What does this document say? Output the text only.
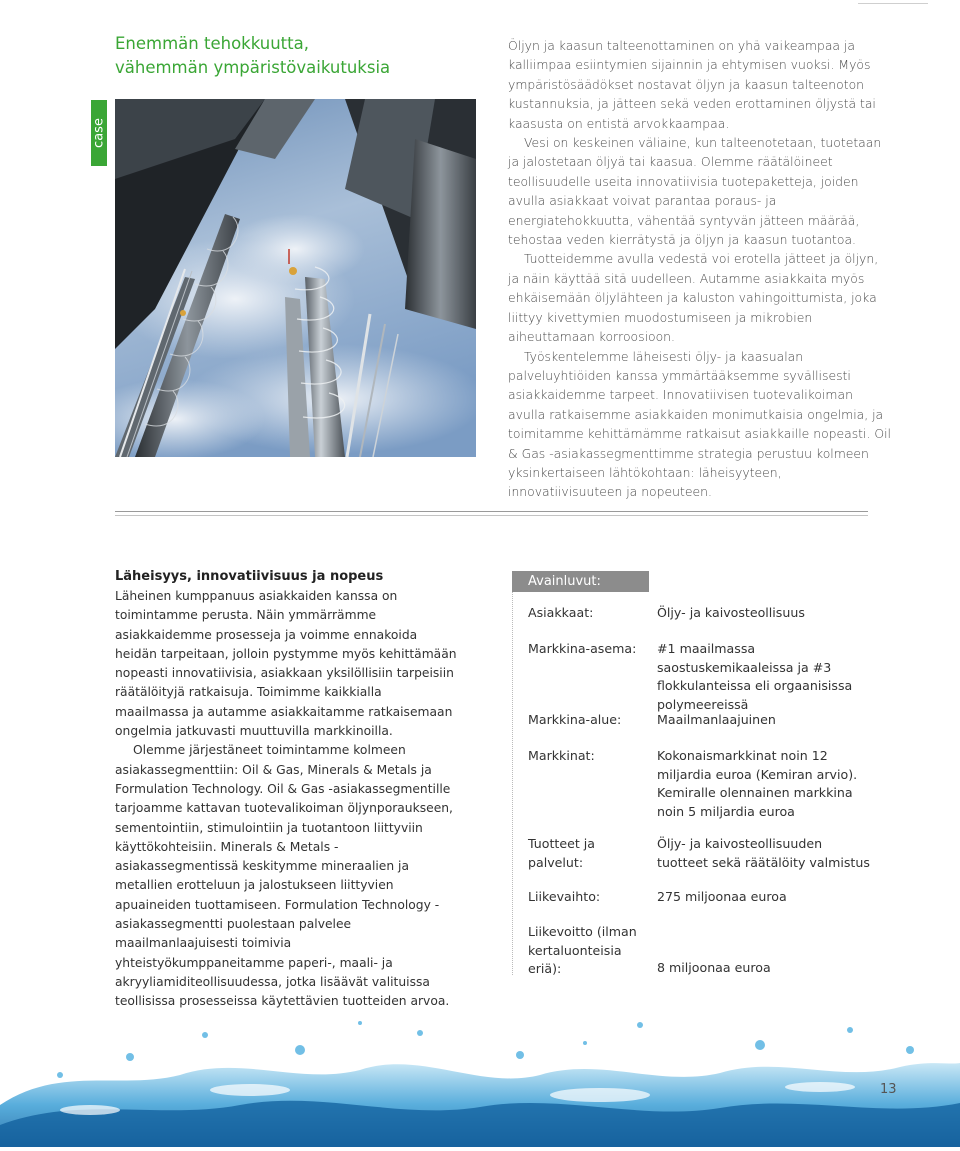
case
Enemmän tehokkuutta,
vähemmän ympäristövaikutuksia

Öljyn ja kaasun talteenottaminen on yhä vaikeampaa ja kalliimpaa esiintymien sijainnin ja ehtymisen vuoksi. Myös ympäristösäädökset nostavat öljyn ja kaasun talteenoton kustannuksia, ja jätteen sekä veden erottaminen öljystä tai kaasusta on entistä arvokkaampaa.

Vesi on keskeinen väliaine, kun talteenotetaan, tuotetaan ja jalostetaan öljyä tai kaasua. Olemme räätälöineet teollisuudelle useita innovatiivisia tuotepaketteja, joiden avulla asiakkaat voivat parantaa poraus- ja energiatehokkuutta, vähentää syntyvän jätteen määrää, tehostaa veden kierrätystä ja öljyn ja kaasun tuotantoa.

Tuotteidemme avulla vedestä voi erotella jätteet ja öljyn, ja näin käyttää sitä uudelleen. Autamme asiakkaita myös ehkäisemään öljylähteen ja kaluston vahingoittumista, joka liittyy kivettymien muodostumiseen ja mikrobien aiheuttamaan korroosioon.

Työskentelemme läheisesti öljy- ja kaasualan palveluyhtiöiden kanssa ymmärtääksemme syvällisesti asiakkaidemme tarpeet. Innovatiivisen tuotevalikoiman avulla ratkaisemme asiakkaiden monimutkaisia ongelmia, ja toimitamme kehittämämme ratkaisut asiakkaille nopeasti. Oil & Gas -asiakassegmenttimme strategia perustuu kolmeen yksinkertaiseen lähtökohtaan: läheisyyteen, innovatiivisuuteen ja nopeuteen.

Läheisyys, innovatiivisuus ja nopeus

Läheinen kumppanuus asiakkaiden kanssa on toimintamme perusta. Näin ymmärrämme asiakkaidemme prosesseja ja voimme ennakoida heidän tarpeitaan, jolloin pystymme myös kehittämään nopeasti innovatiivisia, asiakkaan yksilöllisiin tarpeisiin räätälöityjä ratkaisuja. Toimimme kaikkialla maailmassa ja autamme asiakkaitamme ratkaisemaan ongelmia jatkuvasti muuttuvilla markkinoilla.

Olemme järjestäneet toimintamme kolmeen asiakassegmenttiin: Oil & Gas, Minerals & Metals ja Formulation Technology. Oil & Gas -asiakassegmentille tarjoamme kattavan tuotevalikoiman öljynporaukseen, sementointiin, stimulointiin ja tuotantoon liittyviin käyttökohteisiin. Minerals & Metals -asiakassegmentissä keskitymme mineraalien ja metallien erotteluun ja jalostukseen liittyvien apuaineiden tuottamiseen. Formulation Technology -asiakassegmentti puolestaan palvelee maailmanlaajuisesti toimivia yhteistyökumppaneitamme paperi-, maali- ja akryyliamiditeollisuudessa, jotka lisäävät valituissa teollisissa prosesseissa käytettävien tuotteiden arvoa.

Avainluvut:
Asiakkaat:	Öljy- ja kaivosteollisuus
Markkina-asema:	#1 maailmassa saostuskemikaaleissa ja #3 flokkulanteissa eli orgaanisissa polymeereissä
Markkina-alue:	Maailmanlaajuinen
Markkinat:	Kokonaismarkkinat noin 12 miljardia euroa (Kemiran arvio). Kemiralle olennainen markkina noin 5 miljardia euroa
Tuotteet ja palvelut:
Öljy- ja kaivosteollisuuden tuotteet sekä räätälöity valmistus
Liikevaihto:	275 miljoonaa euroa
Liikevoitto (ilman kertaluonteisia eriä):	8 miljoonaa euroa
13
